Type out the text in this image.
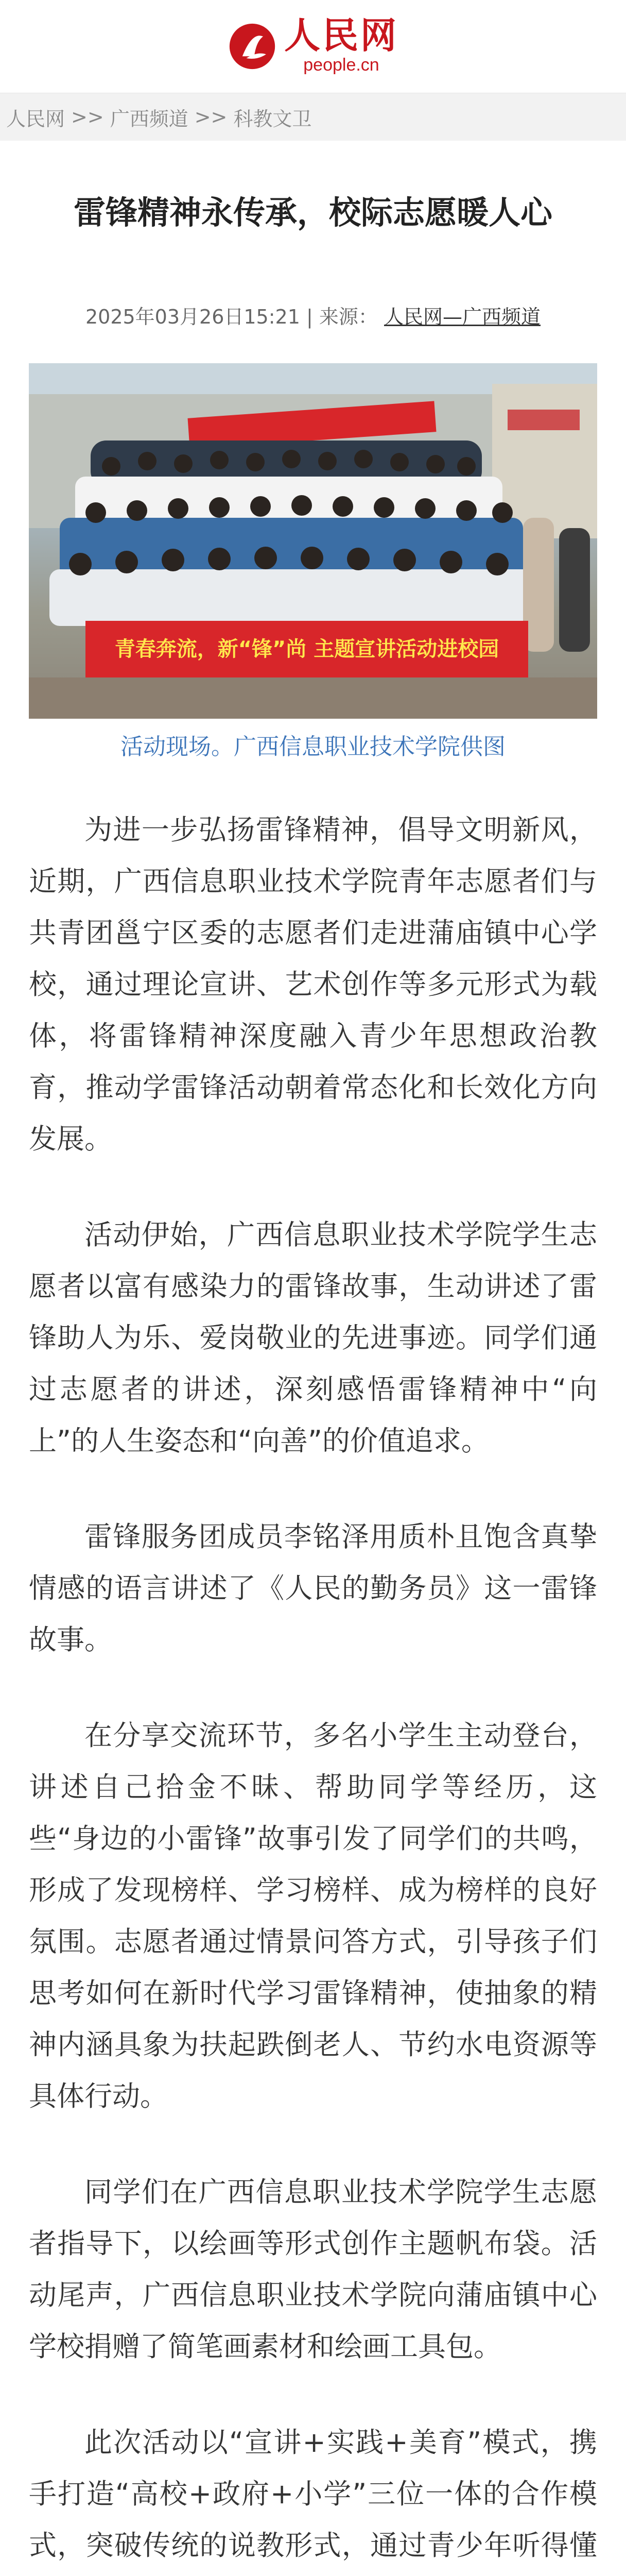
人民网
people.cn
人民网 >> 广西频道 >> 科教文卫
雷锋精神永传承，校际志愿暖人心
2025年03月26日15:21 | 来源： 人民网—广西频道
青春奔流，新“锋”尚 主题宣讲活动进校园
活动现场。广西信息职业技术学院供图

为进一步弘扬雷锋精神，倡导文明新风，近期，广西信息职业技术学院青年志愿者们与共青团邕宁区委的志愿者们走进蒲庙镇中心学校，通过理论宣讲、艺术创作等多元形式为载体，将雷锋精神深度融入青少年思想政治教育，推动学雷锋活动朝着常态化和长效化方向发展。

活动伊始，广西信息职业技术学院学生志愿者以富有感染力的雷锋故事，生动讲述了雷锋助人为乐、爱岗敬业的先进事迹。同学们通过志愿者的讲述，深刻感悟雷锋精神中“向上”的人生姿态和“向善”的价值追求。

雷锋服务团成员李铭泽用质朴且饱含真挚情感的语言讲述了《人民的勤务员》这一雷锋故事。

在分享交流环节，多名小学生主动登台，讲述自己拾金不昧、帮助同学等经历，这些“身边的小雷锋”故事引发了同学们的共鸣，形成了发现榜样、学习榜样、成为榜样的良好氛围。志愿者通过情景问答方式，引导孩子们思考如何在新时代学习雷锋精神，使抽象的精神内涵具象为扶起跌倒老人、节约水电资源等具体行动。

同学们在广西信息职业技术学院学生志愿者指导下，以绘画等形式创作主题帆布袋。活动尾声，广西信息职业技术学院向蒲庙镇中心学校捐赠了简笔画素材和绘画工具包。

此次活动以“宣讲+实践+美育”模式，携手打造“高校+政府+小学”三位一体的合作模式，突破传统的说教形式，通过青少年听得懂
